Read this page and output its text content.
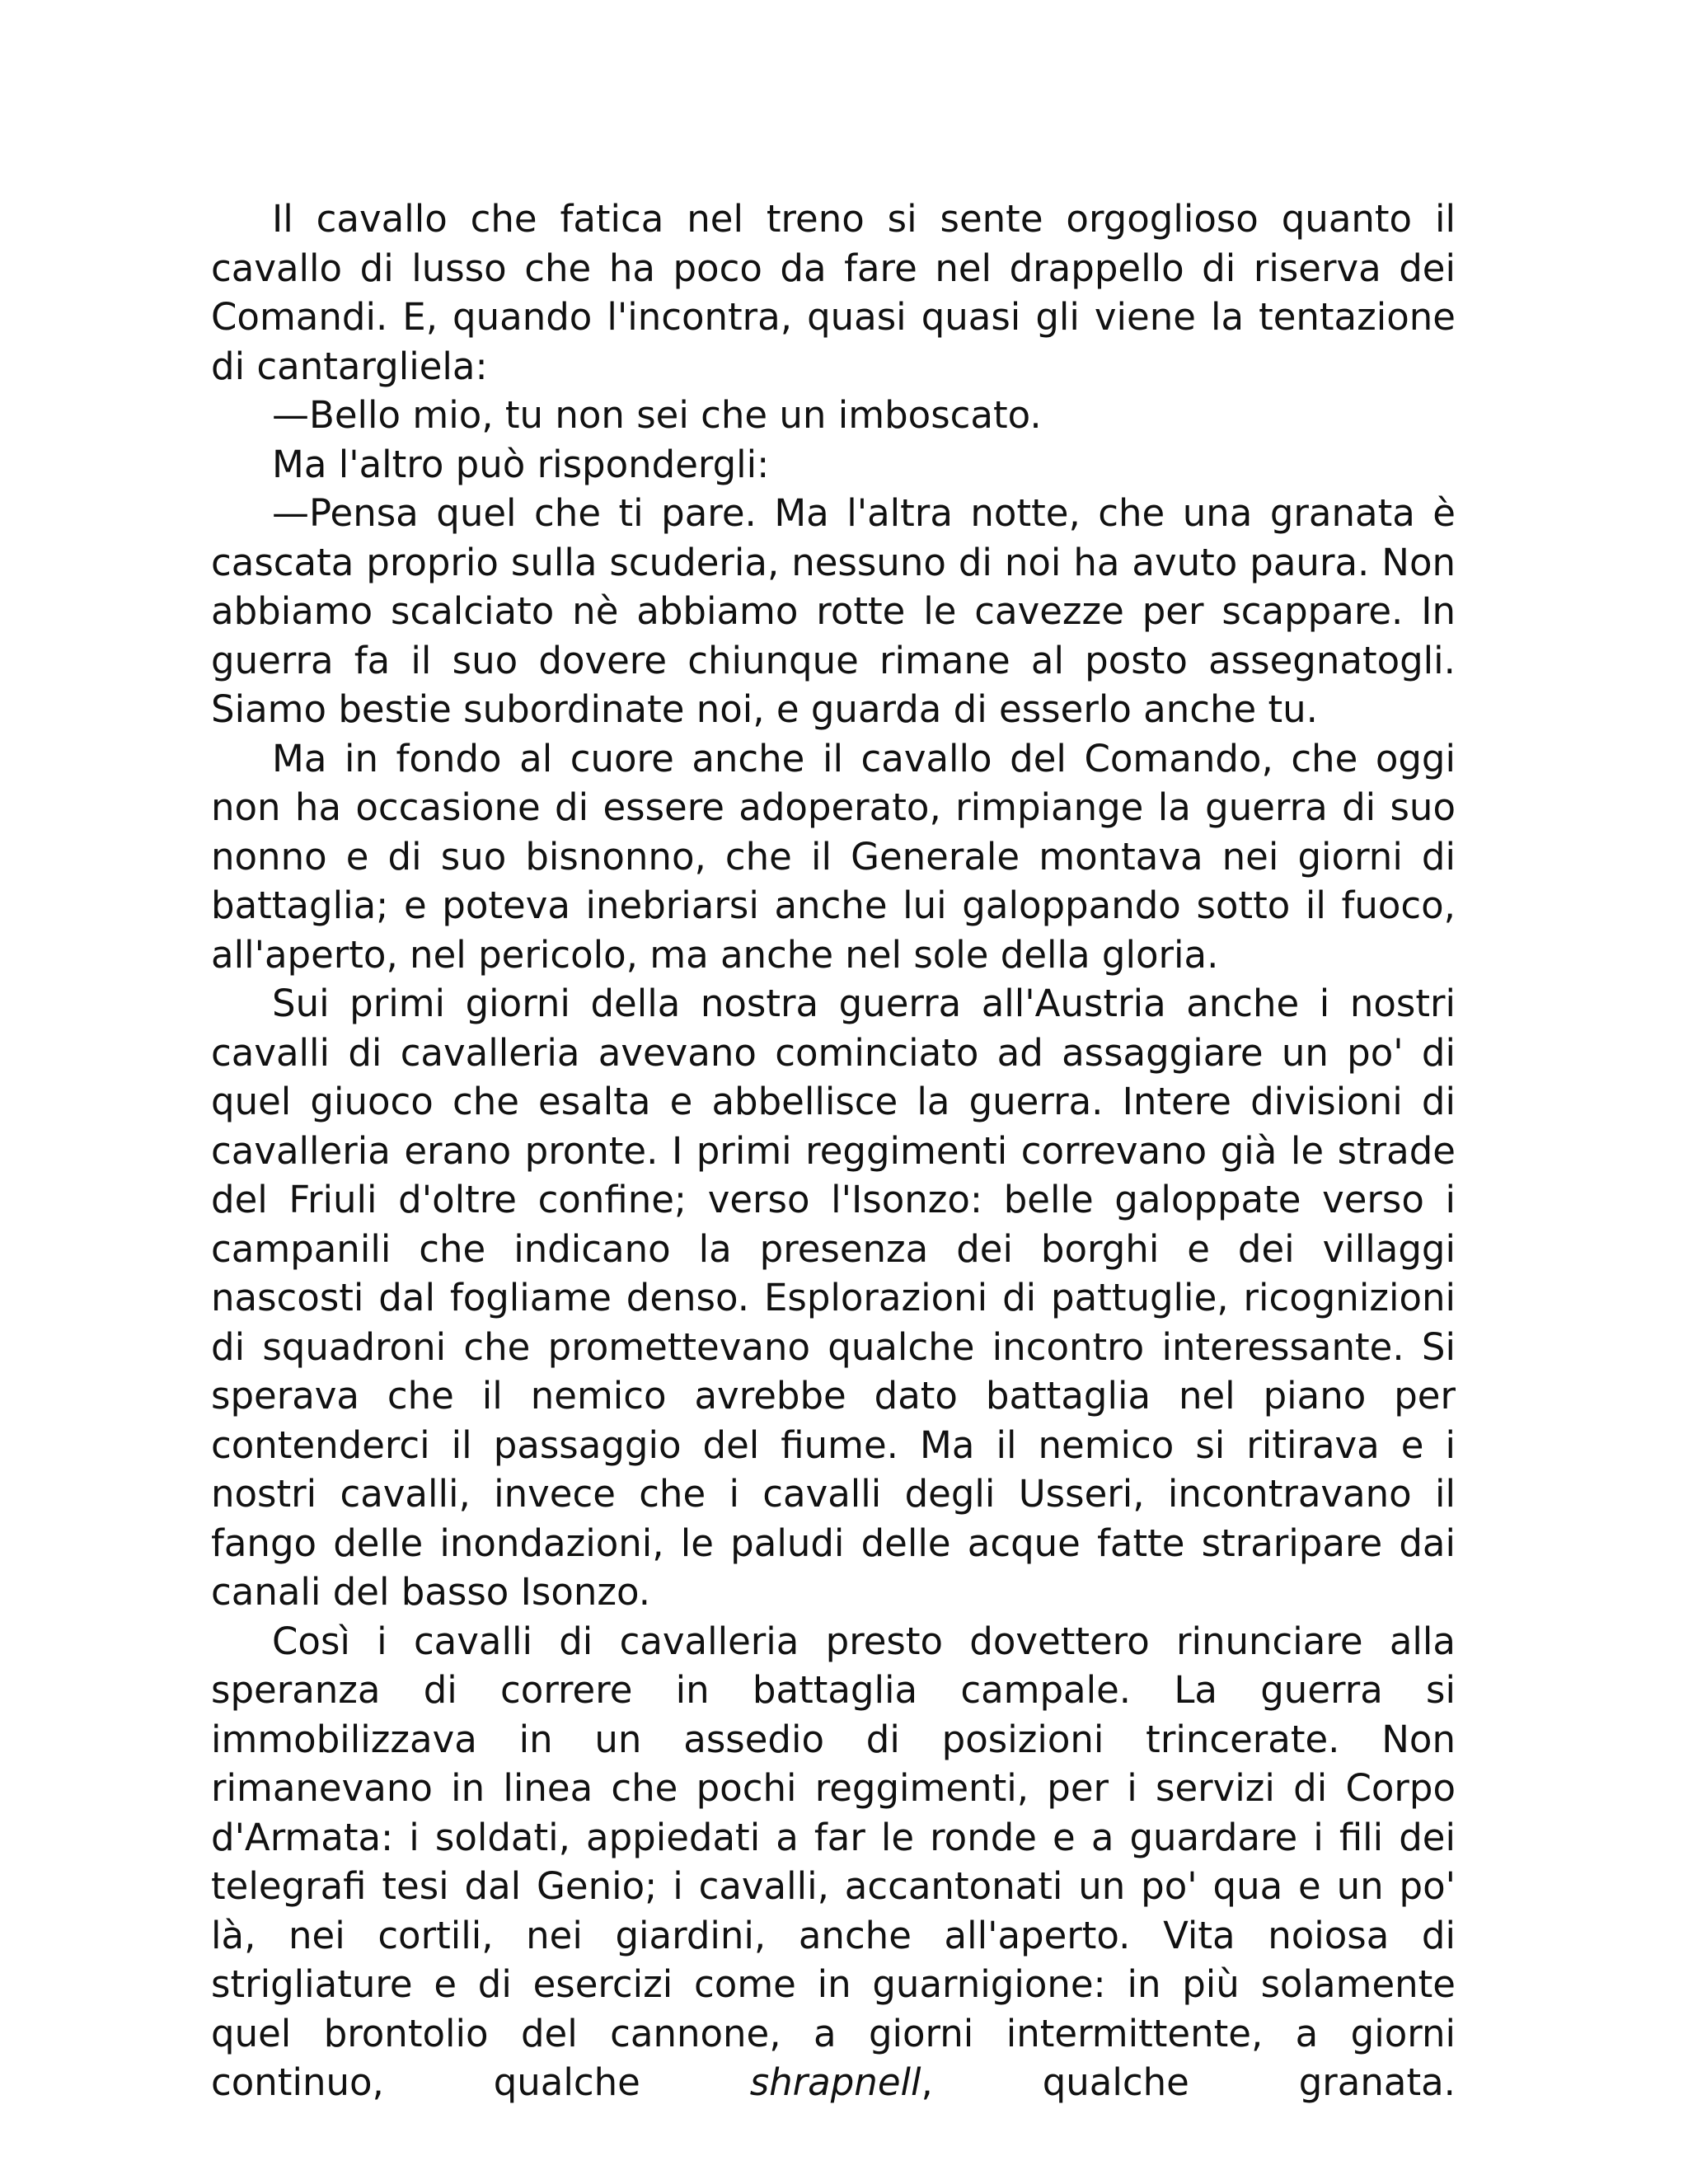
Il cavallo che fatica nel treno si sente orgoglioso quanto il cavallo di lusso che ha poco da fare nel drappello di riserva dei Comandi. E, quando l'incontra, quasi quasi gli viene la tentazione di cantargliela:

—Bello mio, tu non sei che un imboscato.

Ma l'altro può rispondergli:

—Pensa quel che ti pare. Ma l'altra notte, che una granata è cascata proprio sulla scuderia, nessuno di noi ha avuto paura. Non abbiamo scalciato nè abbiamo rotte le cavezze per scappare. In guerra fa il suo dovere chiunque rimane al posto assegnatogli. Siamo bestie subordinate noi, e guarda di esserlo anche tu.

Ma in fondo al cuore anche il cavallo del Comando, che oggi non ha occasione di essere adoperato, rimpiange la guerra di suo nonno e di suo bisnonno, che il Generale montava nei giorni di battaglia; e poteva inebriarsi anche lui galoppando sotto il fuoco, all'aperto, nel pericolo, ma anche nel sole della gloria.

Sui primi giorni della nostra guerra all'Austria anche i nostri cavalli di cavalleria avevano cominciato ad assaggiare un po' di quel giuoco che esalta e abbellisce la guerra. Intere divisioni di cavalleria erano pronte. I primi reggimenti correvano già le strade del Friuli d'oltre confine; verso l'Isonzo: belle galoppate verso i campanili che indicano la presenza dei borghi e dei villaggi nascosti dal fogliame denso. Esplorazioni di pattuglie, ricognizioni di squadroni che promettevano qualche incontro interessante. Si sperava che il nemico avrebbe dato battaglia nel piano per contenderci il passaggio del fiume. Ma il nemico si ritirava e i nostri cavalli, invece che i cavalli degli Usseri, incontravano il fango delle inondazioni, le paludi delle acque fatte straripare dai canali del basso Isonzo.

Così i cavalli di cavalleria presto dovettero rinunciare alla speranza di correre in battaglia campale. La guerra si immobilizzava in un assedio di posizioni trincerate. Non rimanevano in linea che pochi reggimenti, per i servizi di Corpo d'Armata: i soldati, appiedati a far le ronde e a guardare i fili dei telegrafi tesi dal Genio; i cavalli, accantonati un po' qua e un po' là, nei cortili, nei giardini, anche all'aperto. Vita noiosa di strigliature e di esercizi come in guarnigione: in più solamente quel brontolio del cannone, a giorni intermittente, a giorni continuo, qualche shrapnell, qualche granata.
